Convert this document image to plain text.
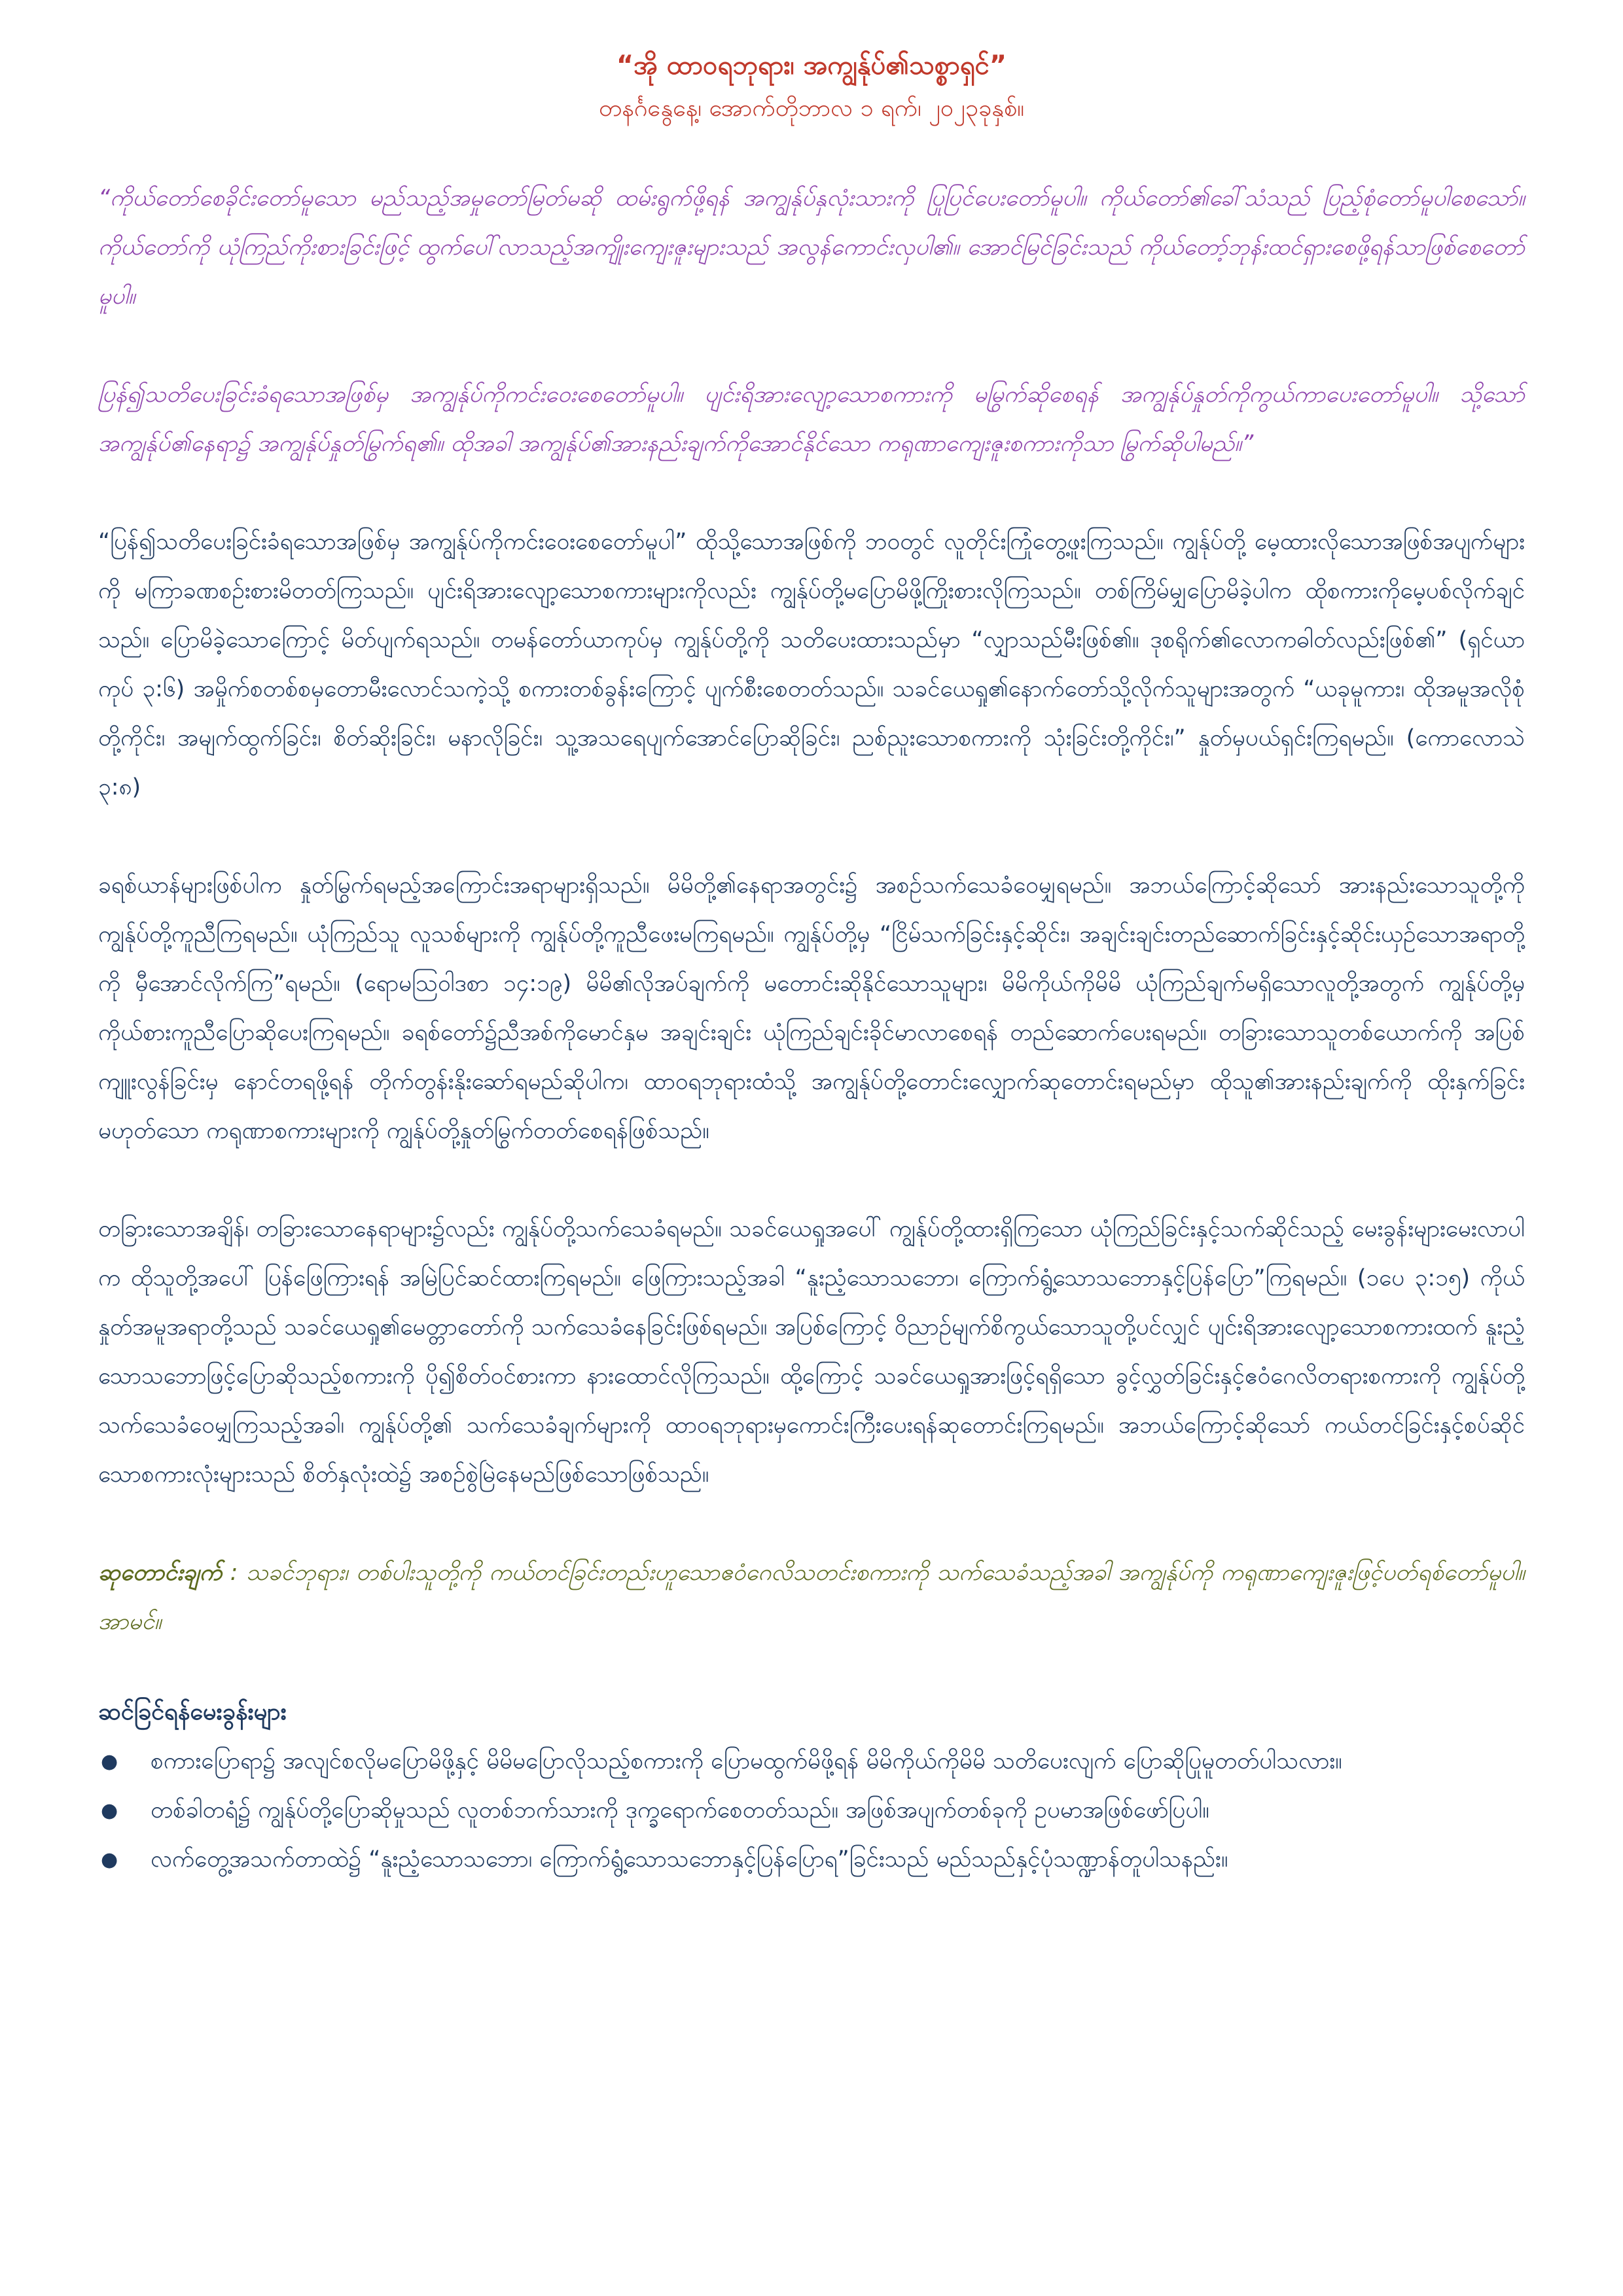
“အို ထာဝရဘုရား၊ အကျွန်ုပ်၏သစ္စာရှင်”

တနင်္ဂနွေနေ့၊ အောက်တိုဘာလ ၁ ရက်၊ ၂၀၂၃ခုနှစ်။

“ကိုယ်တော်စေခိုင်းတော်မူသော မည်သည့်အမှုတော်မြတ်မဆို ထမ်းရွက်ဖို့ရန် အကျွန်ုပ်နှလုံးသားကို ပြုပြင်ပေးတော်မူပါ။ ကိုယ်တော်၏ခေါ်သံသည် ပြည့်စုံတော်မူပါစေသော်။ ကိုယ်တော်ကို ယုံကြည်ကိုးစားခြင်းဖြင့် ထွက်ပေါ်လာသည့်အကျိုးကျေးဇူးများသည် အလွန်ကောင်းလှပါ၏။ အောင်မြင်ခြင်းသည် ကိုယ်တော့်ဘုန်းထင်ရှားစေဖို့ရန်သာဖြစ်စေတော်မူပါ။

ပြန်၍သတိပေးခြင်းခံရသောအဖြစ်မှ အကျွန်ုပ်ကိုကင်းဝေးစေတော်မူပါ။ ပျင်းရိအားလျော့သောစကားကို မမြွက်ဆိုစေရန် အကျွန်ုပ်နှုတ်ကိုကွယ်ကာပေးတော်မူပါ။ သို့သော် အကျွန်ုပ်၏နေရာ၌ အကျွန်ုပ်နှုတ်မြွက်ရ၏။ ထိုအခါ အကျွန်ုပ်၏အားနည်းချက်ကိုအောင်နိုင်သော ကရုဏာကျေးဇူးစကားကိုသာ မြွက်ဆိုပါမည်။”

“ပြန်၍သတိပေးခြင်းခံရသောအဖြစ်မှ အကျွန်ုပ်ကိုကင်းဝေးစေတော်မူပါ” ထိုသို့သောအဖြစ်ကို ဘဝတွင် လူတိုင်းကြုံတွေ့ဖူးကြသည်။ ကျွန်ုပ်တို့ မေ့ထားလိုသောအဖြစ်အပျက်များကို မကြာခဏစဉ်းစားမိတတ်ကြသည်။ ပျင်းရိအားလျော့သောစကားများကိုလည်း ကျွန်ုပ်တို့မပြောမိဖို့ကြိုးစားလိုကြသည်။ တစ်ကြိမ်မျှပြောမိခဲ့ပါက ထိုစကားကိုမေ့ပစ်လိုက်ချင်သည်။ ပြောမိခဲ့သောကြောင့် မိတ်ပျက်ရသည်။ တမန်တော်ယာကုပ်မှ ကျွန်ုပ်တို့ကို သတိပေးထားသည်မှာ “လျှာသည်မီးဖြစ်၏။ ဒုစရိုက်၏လောကဓါတ်လည်းဖြစ်၏” (ရှင်ယာကုပ် ၃:၆) အမှိုက်စတစ်စမှတောမီးလောင်သကဲ့သို့ စကားတစ်ခွန်းကြောင့် ပျက်စီးစေတတ်သည်။ သခင်ယေရှု၏နောက်တော်သို့လိုက်သူများအတွက် “ယခုမူကား၊ ထိုအမူအလိုစုံတို့ကိုင်း၊ အမျက်ထွက်ခြင်း၊ စိတ်ဆိုးခြင်း၊ မနာလိုခြင်း၊ သူ့အသရေပျက်အောင်ပြောဆိုခြင်း၊ ညစ်ညူးသောစကားကို သုံးခြင်းတို့ကိုင်း၊” နှုတ်မှပယ်ရှင်းကြရမည်။ (ကောလောသဲ ၃:၈)

ခရစ်ယာန်များဖြစ်ပါက နှုတ်မြွက်ရမည့်အကြောင်းအရာများရှိသည်။ မိမိတို့၏နေရာအတွင်း၌ အစဉ်သက်သေခံဝေမျှရမည်။ အဘယ်ကြောင့်ဆိုသော် အားနည်းသောသူတို့ကို ကျွန်ုပ်တို့ကူညီကြရမည်။ ယုံကြည်သူ လူသစ်များကို ကျွန်ုပ်တို့ကူညီဖေးမကြရမည်။ ကျွန်ုပ်တို့မှ “ငြိမ်သက်ခြင်းနှင့်ဆိုင်း၊ အချင်းချင်းတည်ဆောက်ခြင်းနှင့်ဆိုင်းယှဉ်သောအရာတို့ကို မှီအောင်လိုက်ကြ”ရမည်။ (ရောမဩဝါဒစာ ၁၄:၁၉) မိမိ၏လိုအပ်ချက်ကို မတောင်းဆိုနိုင်သောသူများ၊ မိမိကိုယ်ကိုမိမိ ယုံကြည်ချက်မရှိသောလူတို့အတွက် ကျွန်ုပ်တို့မှကိုယ်စားကူညီပြောဆိုပေးကြရမည်။ ခရစ်တော်၌ညီအစ်ကိုမောင်နှမ အချင်းချင်း ယုံကြည်ချင်းခိုင်မာလာစေရန် တည်ဆောက်ပေးရမည်။ တခြားသောသူတစ်ယောက်ကို အပြစ်ကျူးလွန်ခြင်းမှ နောင်တရဖို့ရန် တိုက်တွန်းနိုးဆော်ရမည်ဆိုပါက၊ ထာဝရဘုရားထံသို့ အကျွန်ုပ်တို့တောင်းလျှောက်ဆုတောင်းရမည်မှာ ထိုသူ၏အားနည်းချက်ကို ထိုးနှက်ခြင်းမဟုတ်သော ကရုဏာစကားများကို ကျွန်ုပ်တို့နှုတ်မြွက်တတ်စေရန်ဖြစ်သည်။

တခြားသောအချိန်၊ တခြားသောနေရာများ၌လည်း ကျွန်ုပ်တို့သက်သေခံရမည်။ သခင်ယေရှုအပေါ် ကျွန်ုပ်တို့ထားရှိကြသော ယုံကြည်ခြင်းနှင့်သက်ဆိုင်သည့် မေးခွန်းများမေးလာပါက ထိုသူတို့အပေါ် ပြန်ဖြေကြားရန် အမြဲပြင်ဆင်ထားကြရမည်။ ဖြေကြားသည့်အခါ “နူးညံ့သောသဘော၊ ကြောက်ရွံ့သောသဘောနှင့်ပြန်ပြော”ကြရမည်။ (၁ပေ ၃:၁၅) ကိုယ်နှုတ်အမူအရာတို့သည် သခင်ယေရှု၏မေတ္တာတော်ကို သက်သေခံနေခြင်းဖြစ်ရမည်။ အပြစ်ကြောင့် ဝိညာဉ်မျက်စိကွယ်သောသူတို့ပင်လျှင် ပျင်းရိအားလျော့သောစကားထက် နူးညံ့သောသဘောဖြင့်ပြောဆိုသည့်စကားကို ပို၍စိတ်ဝင်စားကာ နားထောင်လိုကြသည်။ ထို့ကြောင့် သခင်ယေရှုအားဖြင့်ရရှိသော ခွင့်လွှတ်ခြင်းနှင့်ဧဝံဂေလိတရားစကားကို ကျွန်ုပ်တို့သက်သေခံဝေမျှကြသည့်အခါ၊ ကျွန်ုပ်တို့၏ သက်သေခံချက်များကို ထာဝရဘုရားမှကောင်းကြီးပေးရန်ဆုတောင်းကြရမည်။ အဘယ်ကြောင့်ဆိုသော် ကယ်တင်ခြင်းနှင့်စပ်ဆိုင်သောစကားလုံးများသည် စိတ်နှလုံးထဲ၌ အစဉ်စွဲမြဲနေမည်ဖြစ်သောဖြစ်သည်။

ဆုတောင်းချက် : သခင်ဘုရား၊ တစ်ပါးသူတို့ကို ကယ်တင်ခြင်းတည်းဟူသောဧဝံဂေလိသတင်းစကားကို သက်သေခံသည့်အခါ အကျွန်ုပ်ကို ကရုဏာကျေးဇူးဖြင့်ပတ်ရစ်တော်မူပါ။ အာမင်။

ဆင်ခြင်ရန်မေးခွန်းများ
● စကားပြောရာ၌ အလျင်စလိုမပြောမိဖို့နှင့် မိမိမပြောလိုသည့်စကားကို ပြောမထွက်မိဖို့ရန် မိမိကိုယ်ကိုမိမိ သတိပေးလျက် ပြောဆိုပြုမူတတ်ပါသလား။
● တစ်ခါတရံ၌ ကျွန်ုပ်တို့ပြောဆိုမှုသည် လူတစ်ဘက်သားကို ဒုက္ခရောက်စေတတ်သည်။ အဖြစ်အပျက်တစ်ခုကို ဥပမာအဖြစ်ဖော်ပြပါ။
● လက်တွေ့အသက်တာထဲ၌ “နူးညံ့သောသဘော၊ ကြောက်ရွံ့သောသဘောနှင့်ပြန်ပြောရ”ခြင်းသည် မည်သည်နှင့်ပုံသဏ္ဍာန်တူပါသနည်း။
